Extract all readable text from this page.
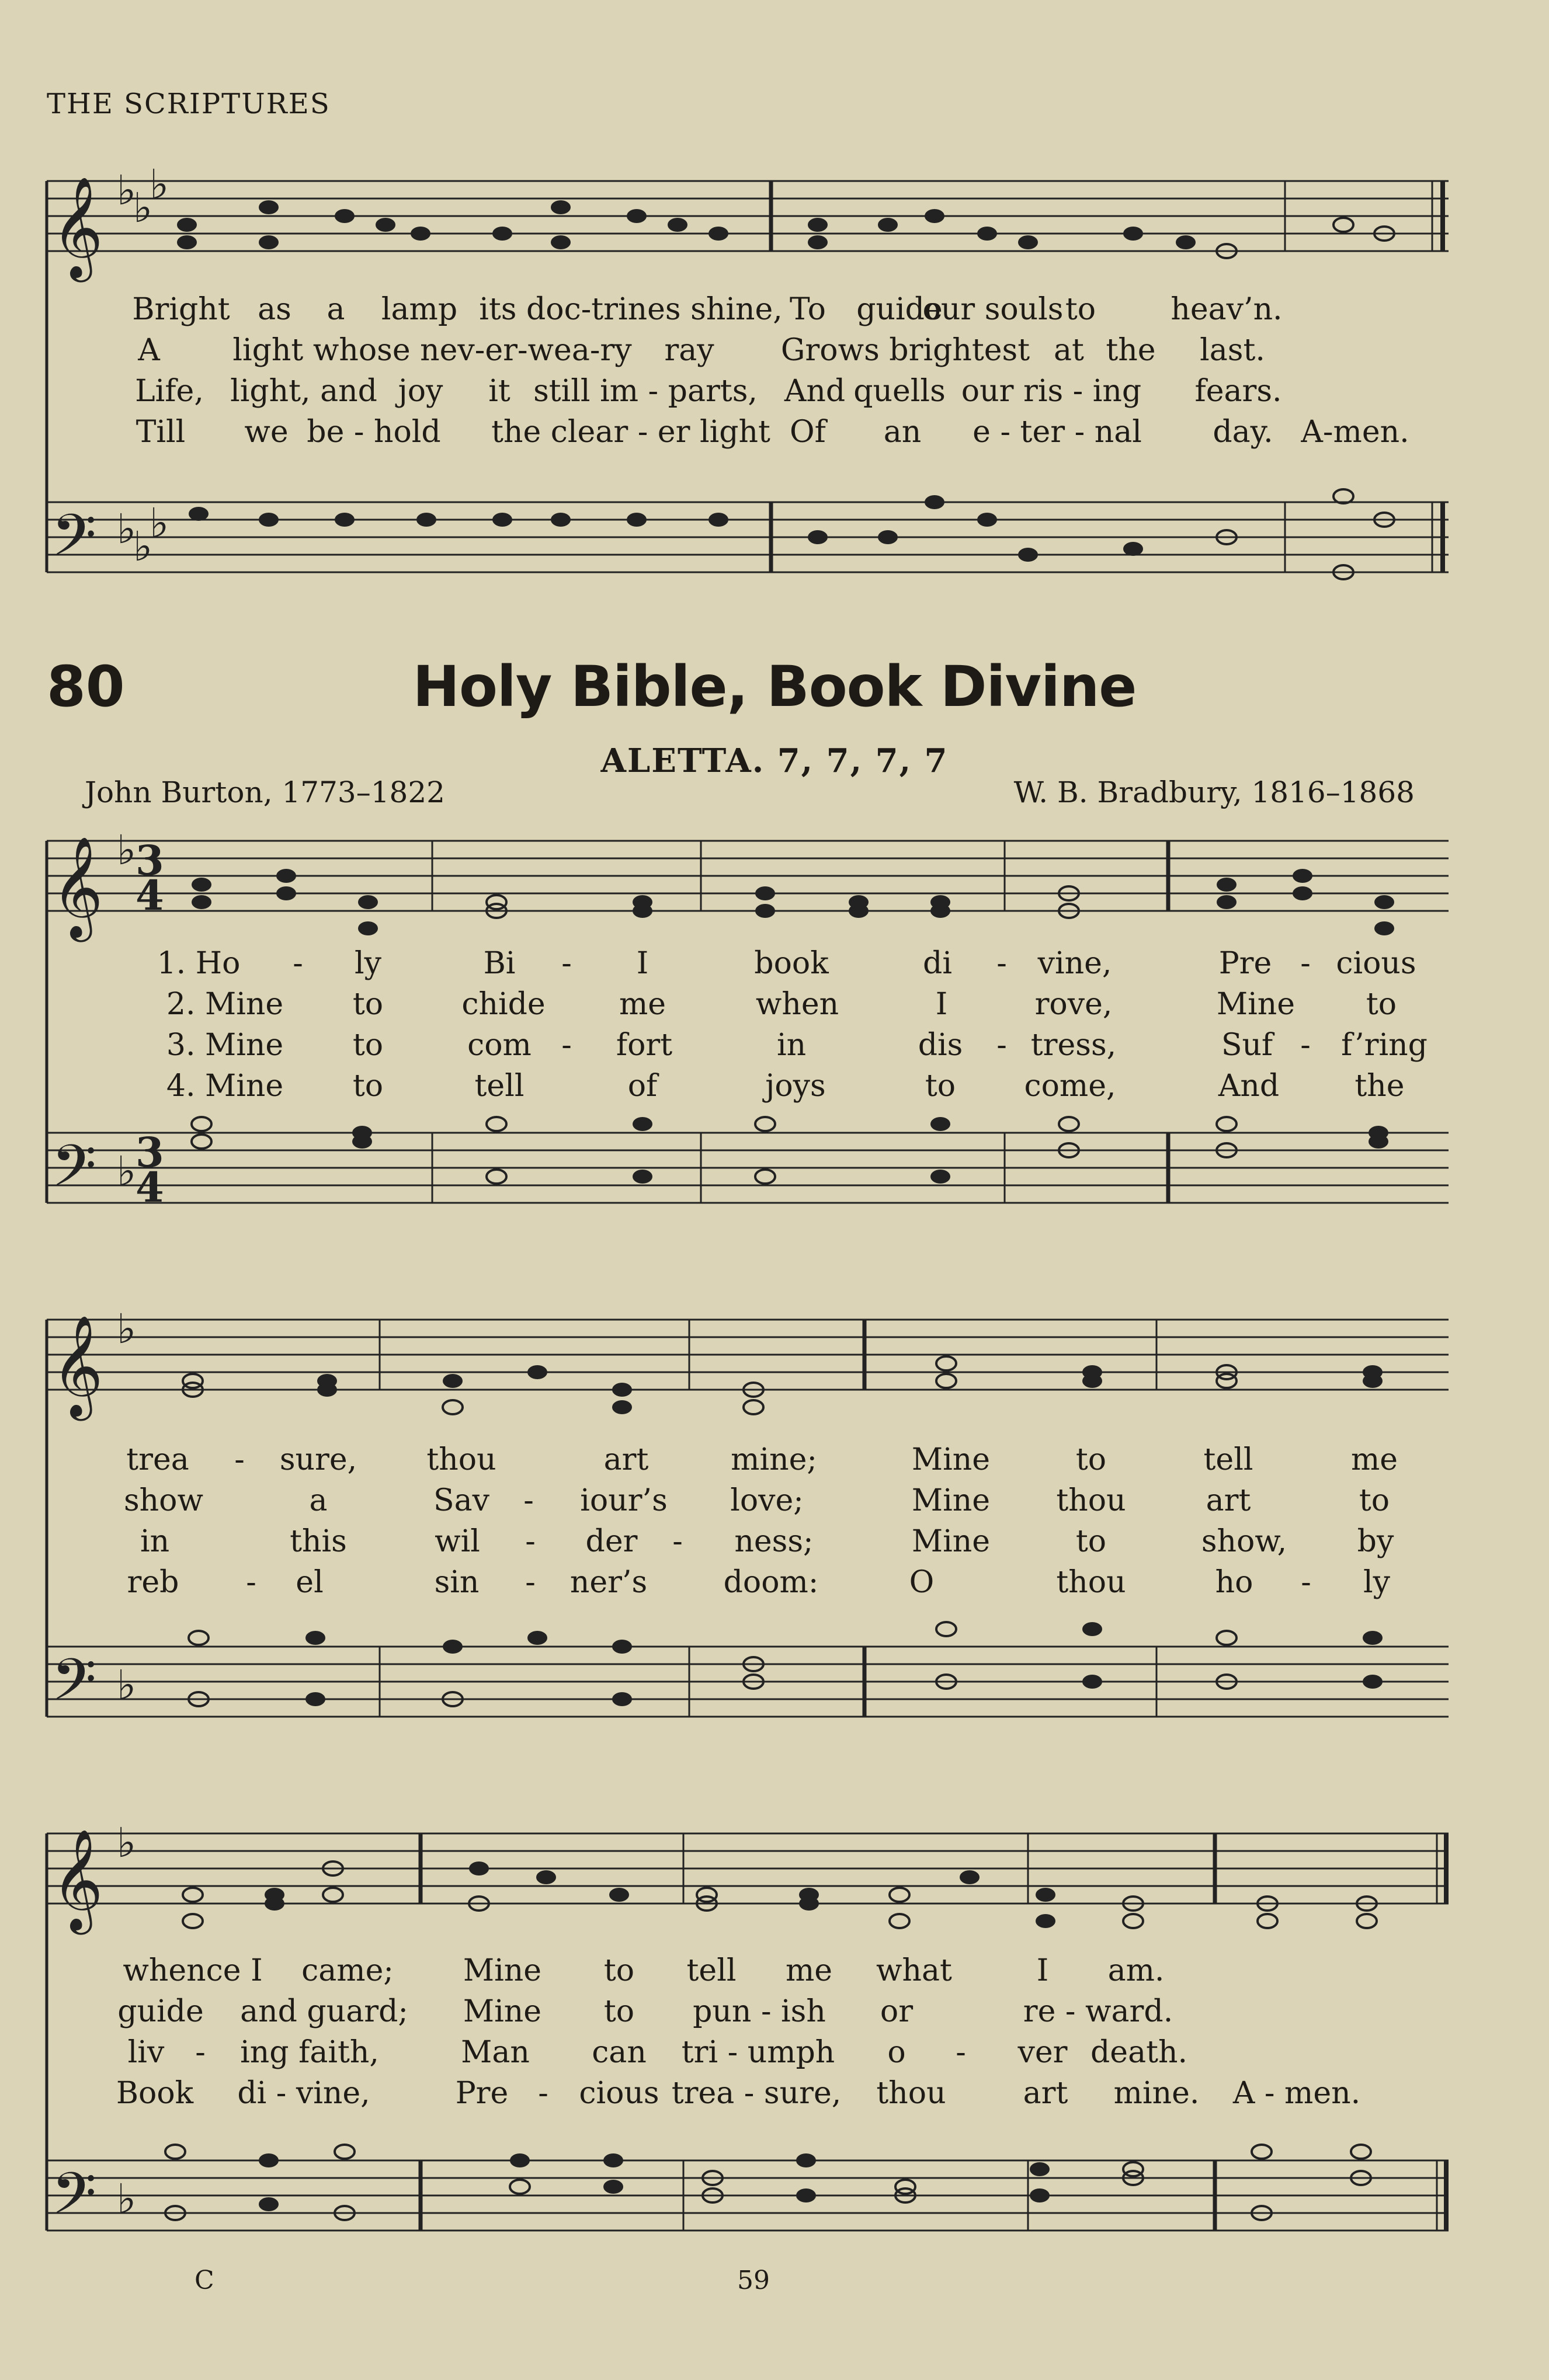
THE SCRIPTURES
𝄞
𝄢
♭
♭
♭
♭
♭
♭
Bright as a lamp its doc-trines shine, To guide
our souls to heav’n.
A light whose nev-er-wea-ry ray Grows brightest at the last.
Life, light, and joy it still im - parts, And quells our ris - ing fears.
Till we be - hold the clear - er light Of an e - ter - nal day. A-men.
80	Holy Bible, Book Divine
ALETTA. 7, 7, 7, 7
John Burton, 1773–1822	W. B. Bradbury, 1816–1868
𝄞
𝄢
♭
♭
3
4
3
4
1. Ho - ly	Bi - I	book	di - vine,	Pre - cious
2. Mine to	chide me	when	I	rove,	Mine to
3. Mine to	com - fort	in	dis - tress,	Suf - f’ring
4. Mine to	tell	of	joys	to come,	And the
𝄞
𝄢
♭
♭
trea - sure, thou	art	mine;	Mine	to	tell	me
show	a	Sav - iour’s love;	Mine thou	art	to
in	this	wil - der - ness;	Mine	to	show, by
reb - el	sin - ner’s	doom:	O	thou	ho - ly
𝄞
𝄢
♭
♭
whence I came; Mine to tell me what	I am.
guide and guard; Mine to pun - ish or	re - ward.
liv - ing faith,	Man can tri - umph o - ver death.
Book di - vine,	Pre - cious trea - sure, thou	art mine. A - men.
C	59
